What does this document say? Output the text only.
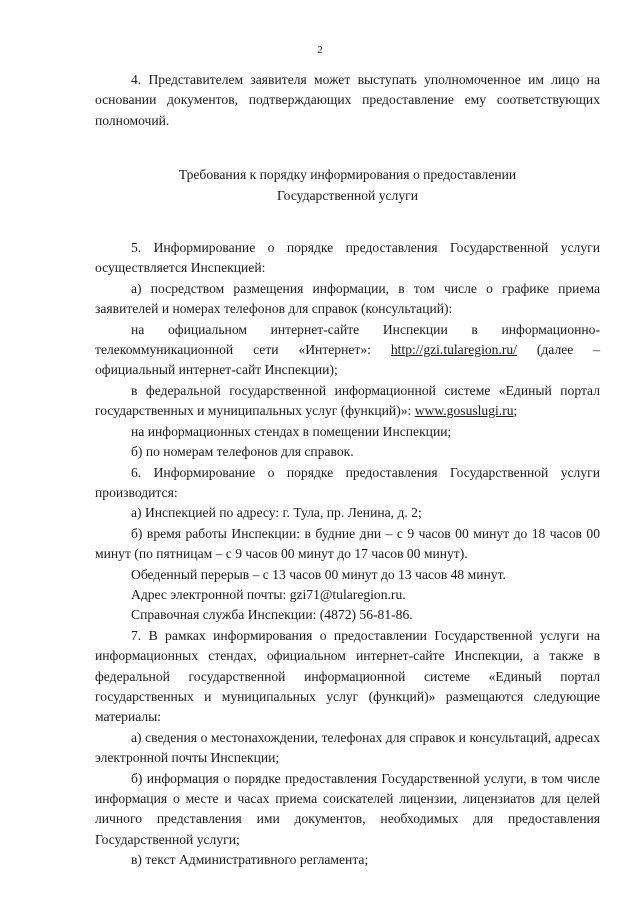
2

4. Представителем заявителя может выступать уполномоченное им лицо на основании документов, подтверждающих предоставление ему соответствующих полномочий.

Требования к порядку информирования о предоставлении
Государственной услуги

5. Информирование о порядке предоставления Государственной услуги осуществляется Инспекцией:

а) посредством размещения информации, в том числе о графике приема заявителей и номерах телефонов для справок (консультаций):

на официальном интернет-сайте Инспекции в информационно-телекоммуникационной сети «Интернет»: http://gzi.tularegion.ru/ (далее – официальный интернет-сайт Инспекции);

в федеральной государственной информационной системе «Единый портал государственных и муниципальных услуг (функций)»: www.gosuslugi.ru;

на информационных стендах в помещении Инспекции;

б) по номерам телефонов для справок.

6. Информирование о порядке предоставления Государственной услуги производится:

а) Инспекцией по адресу: г. Тула, пр. Ленина, д. 2;

б) время работы Инспекции: в будние дни – с 9 часов 00 минут до 18 часов 00 минут (по пятницам – с 9 часов 00 минут до 17 часов 00 минут).

Обеденный перерыв – с 13 часов 00 минут до 13 часов 48 минут.

Адрес электронной почты: gzi71@tularegion.ru.

Справочная служба Инспекции: (4872) 56-81-86.

7. В рамках информирования о предоставлении Государственной услуги на информационных стендах, официальном интернет-сайте Инспекции, а также в федеральной государственной информационной системе «Единый портал государственных и муниципальных услуг (функций)» размещаются следующие материалы:

а) сведения о местонахождении, телефонах для справок и консультаций, адресах электронной почты Инспекции;

б) информация о порядке предоставления Государственной услуги, в том числе информация о месте и часах приема соискателей лицензии, лицензиатов для целей личного представления ими документов, необходимых для предоставления Государственной услуги;

в) текст Административного регламента;
